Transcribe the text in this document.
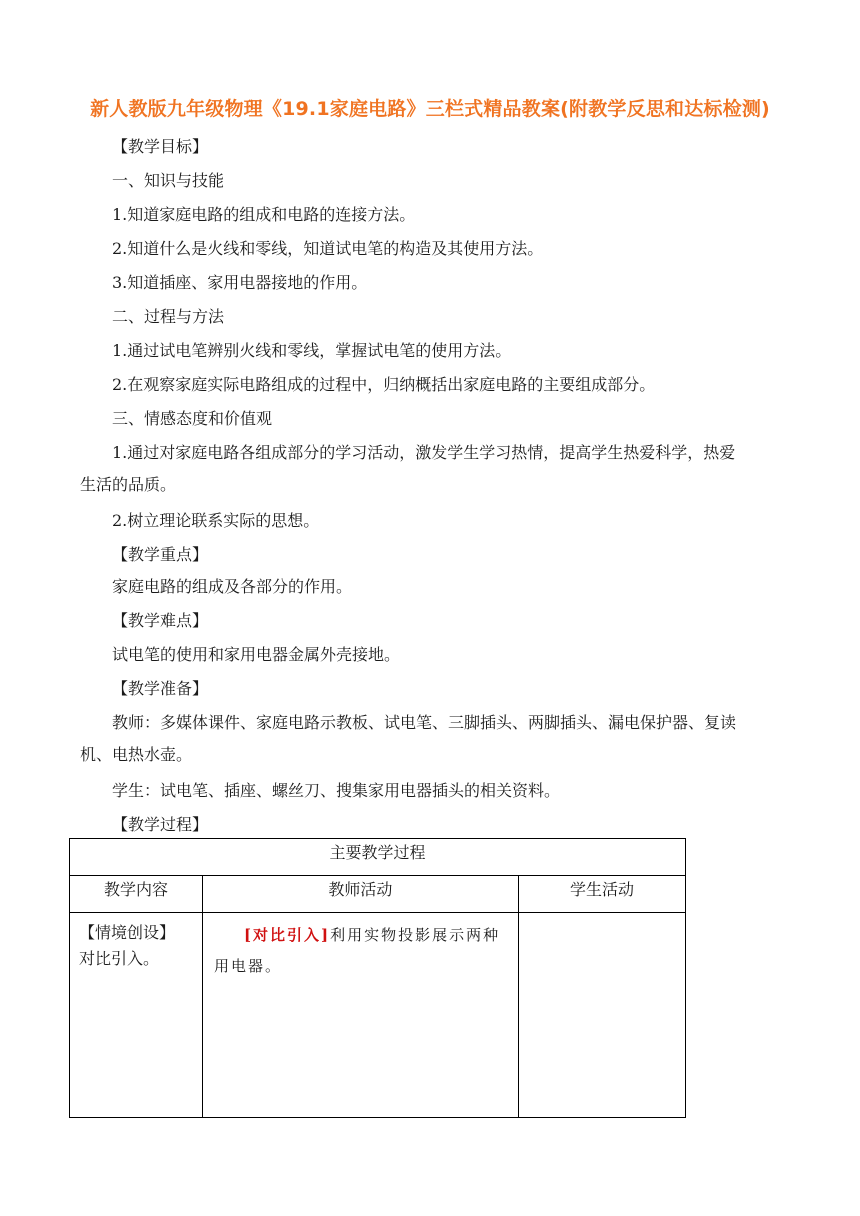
新人教版九年级物理《19.1家庭电路》三栏式精品教案(附教学反思和达标检测)
【教学目标】
一、知识与技能
1.知道家庭电路的组成和电路的连接方法。
2.知道什么是火线和零线，知道试电笔的构造及其使用方法。
3.知道插座、家用电器接地的作用。
二、过程与方法
1.通过试电笔辨别火线和零线，掌握试电笔的使用方法。
2.在观察家庭实际电路组成的过程中，归纳概括出家庭电路的主要组成部分。
三、情感态度和价值观
1.通过对家庭电路各组成部分的学习活动，激发学生学习热情，提高学生热爱科学，热爱
生活的品质。
2.树立理论联系实际的思想。
【教学重点】
家庭电路的组成及各部分的作用。
【教学难点】
试电笔的使用和家用电器金属外壳接地。
【教学准备】
教师：多媒体课件、家庭电路示教板、试电笔、三脚插头、两脚插头、漏电保护器、复读
机、电热水壶。
学生：试电笔、插座、螺丝刀、搜集家用电器插头的相关资料。
【教学过程】
主要教学过程		
教学内容	教师活动	学生活动

【情境创设】
对比引入。	[对比引入]利用实物投影展示两种用电器。	
